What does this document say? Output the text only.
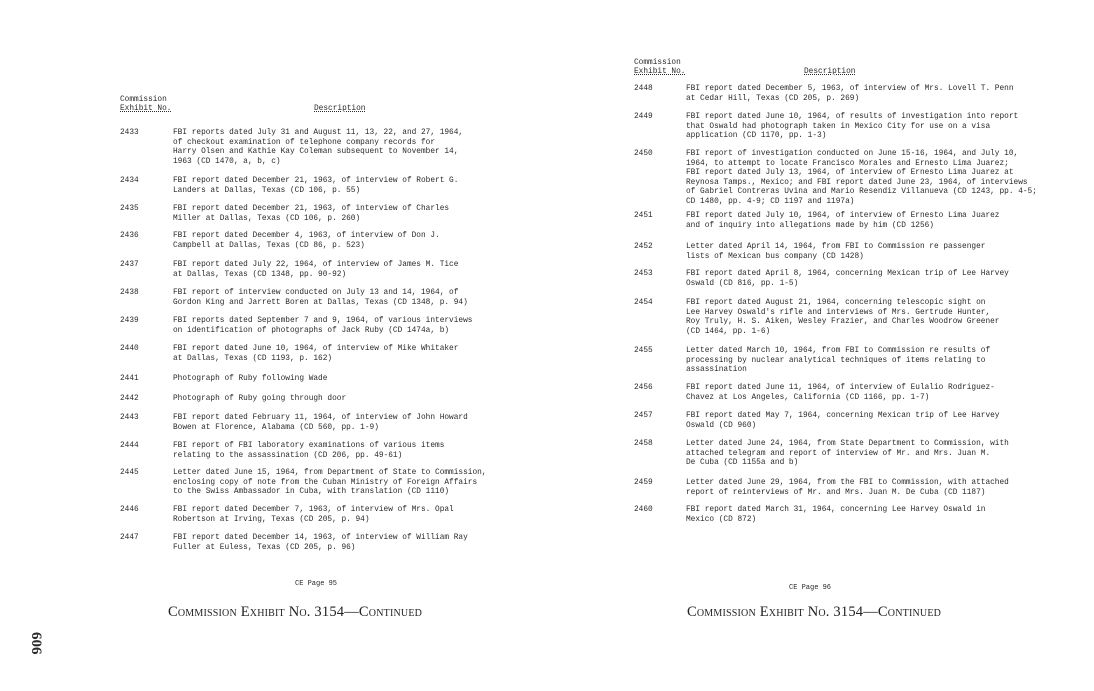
606
Commission
Exhibit No.	Description
CE Page 95
Commission Exhibit No. 3154—Continued
2433	FBI reports dated July 31 and August 11, 13, 22, and 27, 1964,
of checkout examination of telephone company records for
Harry Olsen and Kathie Kay Coleman subsequent to November 14,
1963 (CD 1470, a, b, c)
2434	FBI report dated December 21, 1963, of interview of Robert G.
Landers at Dallas, Texas (CD 106, p. 55)
2435	FBI report dated December 21, 1963, of interview of Charles
Miller at Dallas, Texas (CD 106, p. 260)
2436	FBI report dated December 4, 1963, of interview of Don J.
Campbell at Dallas, Texas (CD 86, p. 523)
2437	FBI report dated July 22, 1964, of interview of James M. Tice
at Dallas, Texas (CD 1348, pp. 90-92)
2438	FBI report of interview conducted on July 13 and 14, 1964, of
Gordon King and Jarrett Boren at Dallas, Texas (CD 1348, p. 94)
2439	FBI reports dated September 7 and 9, 1964, of various interviews
on identification of photographs of Jack Ruby (CD 1474a, b)
2440	FBI report dated June 10, 1964, of interview of Mike Whitaker
at Dallas, Texas (CD 1193, p. 162)
2441	Photograph of Ruby following Wade
2442	Photograph of Ruby going through door
2443	FBI report dated February 11, 1964, of interview of John Howard
Bowen at Florence, Alabama (CD 560, pp. 1-9)
2444	FBI report of FBI laboratory examinations of various items
relating to the assassination (CD 206, pp. 49-61)
2445	Letter dated June 15, 1964, from Department of State to Commission,
enclosing copy of note from the Cuban Ministry of Foreign Affairs
to the Swiss Ambassador in Cuba, with translation (CD 1110)
2446	FBI report dated December 7, 1963, of interview of Mrs. Opal
Robertson at Irving, Texas (CD 205, p. 94)
2447	FBI report dated December 14, 1963, of interview of William Ray
Fuller at Euless, Texas (CD 205, p. 96)
Commission
Exhibit No.	Description
CE Page 96
Commission Exhibit No. 3154—Continued
2448	FBI report dated December 5, 1963, of interview of Mrs. Lovell T. Penn
at Cedar Hill, Texas (CD 205, p. 269)
2449	FBI report dated June 10, 1964, of results of investigation into report
that Oswald had photograph taken in Mexico City for use on a visa
application (CD 1170, pp. 1-3)
2450	FBI report of investigation conducted on June 15-16, 1964, and July 10,
1964, to attempt to locate Francisco Morales and Ernesto Lima Juarez;
FBI report dated July 13, 1964, of interview of Ernesto Lima Juarez at
Reynosa Tamps., Mexico; and FBI report dated June 23, 1964, of interviews
of Gabriel Contreras Uvina and Mario Resendiz Villanueva (CD 1243, pp. 4-5;
CD 1480, pp. 4-9; CD 1197 and 1197a)
2451	FBI report dated July 10, 1964, of interview of Ernesto Lima Juarez
and of inquiry into allegations made by him (CD 1256)
2452	Letter dated April 14, 1964, from FBI to Commission re passenger
lists of Mexican bus company (CD 1428)
2453	FBI report dated April 8, 1964, concerning Mexican trip of Lee Harvey
Oswald (CD 816, pp. 1-5)
2454	FBI report dated August 21, 1964, concerning telescopic sight on
Lee Harvey Oswald's rifle and interviews of Mrs. Gertrude Hunter,
Roy Truly, H. S. Aiken, Wesley Frazier, and Charles Woodrow Greener
(CD 1464, pp. 1-6)
2455	Letter dated March 10, 1964, from FBI to Commission re results of
processing by nuclear analytical techniques of items relating to
assassination
2456	FBI report dated June 11, 1964, of interview of Eulalio Rodriguez-
Chavez at Los Angeles, California (CD 1166, pp. 1-7)
2457	FBI report dated May 7, 1964, concerning Mexican trip of Lee Harvey
Oswald (CD 960)
2458	Letter dated June 24, 1964, from State Department to Commission, with
attached telegram and report of interview of Mr. and Mrs. Juan M.
De Cuba (CD 1155a and b)
2459	Letter dated June 29, 1964, from the FBI to Commission, with attached
report of reinterviews of Mr. and Mrs. Juan M. De Cuba (CD 1187)
2460	FBI report dated March 31, 1964, concerning Lee Harvey Oswald in
Mexico (CD 872)
